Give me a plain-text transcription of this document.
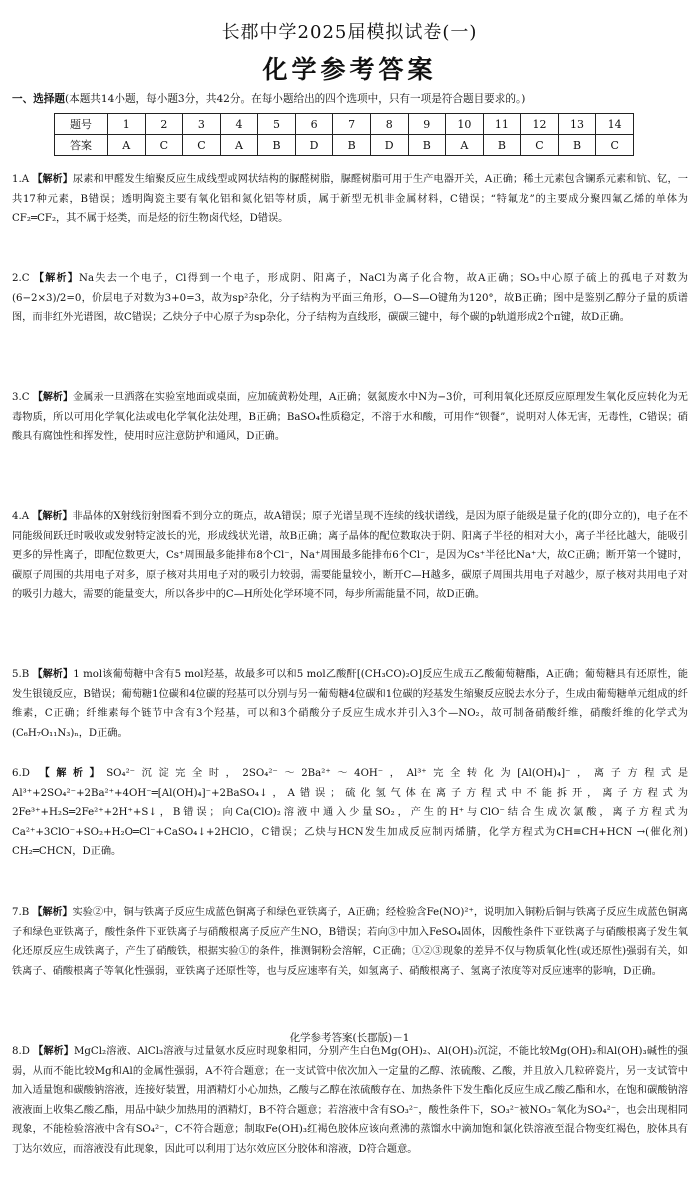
长郡中学2025届模拟试卷(一)
化学参考答案
一、选择题(本题共14小题，每小题3分，共42分。在每小题给出的四个选项中，只有一项是符合题目要求的。)
题号	1	2	3	4	5	6	7	8	9	10	11	12	13	14
答案	A	C	C	A	B	D	B	D	B	A	B	C	B	C

1.A 【解析】尿素和甲醛发生缩聚反应生成线型或网状结构的脲醛树脂，脲醛树脂可用于生产电器开关，A正确；稀土元素包含镧系元素和钪、钇，一共17种元素，B错误；透明陶瓷主要有氧化铝和氮化铝等材质，属于新型无机非金属材料，C错误；“特氟龙”的主要成分聚四氟乙烯的单体为CF₂═CF₂，其不属于烃类，而是烃的衍生物卤代烃，D错误。

2.C 【解析】Na失去一个电子，Cl得到一个电子，形成阴、阳离子，NaCl为离子化合物，故A正确；SO₃中心原子硫上的孤电子对数为(6−2×3)/2=0，价层电子对数为3+0=3，故为sp²杂化，分子结构为平面三角形，O—S—O键角为120°，故B正确；图中是鉴别乙醇分子量的质谱图，而非红外光谱图，故C错误；乙炔分子中心原子为sp杂化，分子结构为直线形，碳碳三键中，每个碳的p轨道形成2个π键，故D正确。

3.C 【解析】金属汞一旦洒落在实验室地面或桌面，应加硫黄粉处理，A正确；氨氮废水中N为−3价，可利用氧化还原反应原理发生氧化反应转化为无毒物质，所以可用化学氧化法或电化学氧化法处理，B正确；BaSO₄性质稳定，不溶于水和酸，可用作“钡餐”，说明对人体无害，无毒性，C错误；硝酸具有腐蚀性和挥发性，使用时应注意防护和通风，D正确。

4.A 【解析】非晶体的X射线衍射图看不到分立的斑点，故A错误；原子光谱呈现不连续的线状谱线，是因为原子能级是量子化的(即分立的)，电子在不同能级间跃迁时吸收或发射特定波长的光，形成线状光谱，故B正确；离子晶体的配位数取决于阴、阳离子半径的相对大小，离子半径比越大，能吸引更多的异性离子，即配位数更大，Cs⁺周围最多能排布8个Cl⁻，Na⁺周围最多能排布6个Cl⁻，是因为Cs⁺半径比Na⁺大，故C正确；断开第一个键时，碳原子周围的共用电子对多，原子核对共用电子对的吸引力较弱，需要能量较小，断开C—H越多，碳原子周围共用电子对越少，原子核对共用电子对的吸引力越大，需要的能量变大，所以各步中的C—H所处化学环境不同，每步所需能量不同，故D正确。

5.B 【解析】1 mol该葡萄糖中含有5 mol羟基，故最多可以和5 mol乙酸酐[(CH₃CO)₂O]反应生成五乙酸葡萄糖酯，A正确；葡萄糖具有还原性，能发生银镜反应，B错误；葡萄糖1位碳和4位碳的羟基可以分别与另一葡萄糖4位碳和1位碳的羟基发生缩聚反应脱去水分子，生成由葡萄糖单元组成的纤维素，C正确；纤维素每个链节中含有3个羟基，可以和3个硝酸分子反应生成水并引入3个—NO₂，故可制备硝酸纤维，硝酸纤维的化学式为(C₆H₇O₁₁N₃)ₙ，D正确。

6.D 【解析】SO₄²⁻沉淀完全时，2SO₄²⁻～2Ba²⁺～4OH⁻，Al³⁺完全转化为[Al(OH)₄]⁻，离子方程式是Al³⁺+2SO₄²⁻+2Ba²⁺+4OH⁻═[Al(OH)₄]⁻+2BaSO₄↓，A错误；硫化氢气体在离子方程式中不能拆开，离子方程式为2Fe³⁺+H₂S═2Fe²⁺+2H⁺+S↓，B错误；向Ca(ClO)₂溶液中通入少量SO₂，产生的H⁺与ClO⁻结合生成次氯酸，离子方程式为Ca²⁺+3ClO⁻+SO₂+H₂O═Cl⁻+CaSO₄↓+2HClO，C错误；乙炔与HCN发生加成反应制丙烯腈，化学方程式为CH≡CH+HCN →(催化剂) CH₂═CHCN，D正确。

7.B 【解析】实验②中，铜与铁离子反应生成蓝色铜离子和绿色亚铁离子，A正确；经检验含Fe(NO)²⁺，说明加入铜粉后铜与铁离子反应生成蓝色铜离子和绿色亚铁离子，酸性条件下亚铁离子与硝酸根离子反应产生NO，B错误；若向③中加入FeSO₄固体，因酸性条件下亚铁离子与硝酸根离子发生氧化还原反应生成铁离子，产生了硝酸铁，根据实验①的条件，推测铜粉会溶解，C正确；①②③现象的差异不仅与物质氧化性(或还原性)强弱有关，如铁离子、硝酸根离子等氧化性强弱，亚铁离子还原性等，也与反应速率有关，如氢离子、硝酸根离子、氢离子浓度等对反应速率的影响，D正确。

8.D 【解析】MgCl₂溶液、AlCl₃溶液与过量氨水反应时现象相同，分别产生白色Mg(OH)₂、Al(OH)₃沉淀，不能比较Mg(OH)₂和Al(OH)₃碱性的强弱，从而不能比较Mg和Al的金属性强弱，A不符合题意；在一支试管中依次加入一定量的乙醇、浓硫酸、乙酸，并且放入几粒碎瓷片，另一支试管中加入适量饱和碳酸钠溶液，连接好装置，用酒精灯小心加热，乙酸与乙醇在浓硫酸存在、加热条件下发生酯化反应生成乙酸乙酯和水，在饱和碳酸钠溶液液面上收集乙酸乙酯，用品中缺少加热用的酒精灯，B不符合题意；若溶液中含有SO₃²⁻，酸性条件下，SO₃²⁻被NO₃⁻氧化为SO₄²⁻，也会出现相同现象，不能检验溶液中含有SO₄²⁻，C不符合题意；制取Fe(OH)₃红褐色胶体应该向煮沸的蒸馏水中滴加饱和氯化铁溶液至混合物变红褐色，胶体具有丁达尔效应，而溶液没有此现象，因此可以利用丁达尔效应区分胶体和溶液，D符合题意。

化学参考答案(长郡版)－1
